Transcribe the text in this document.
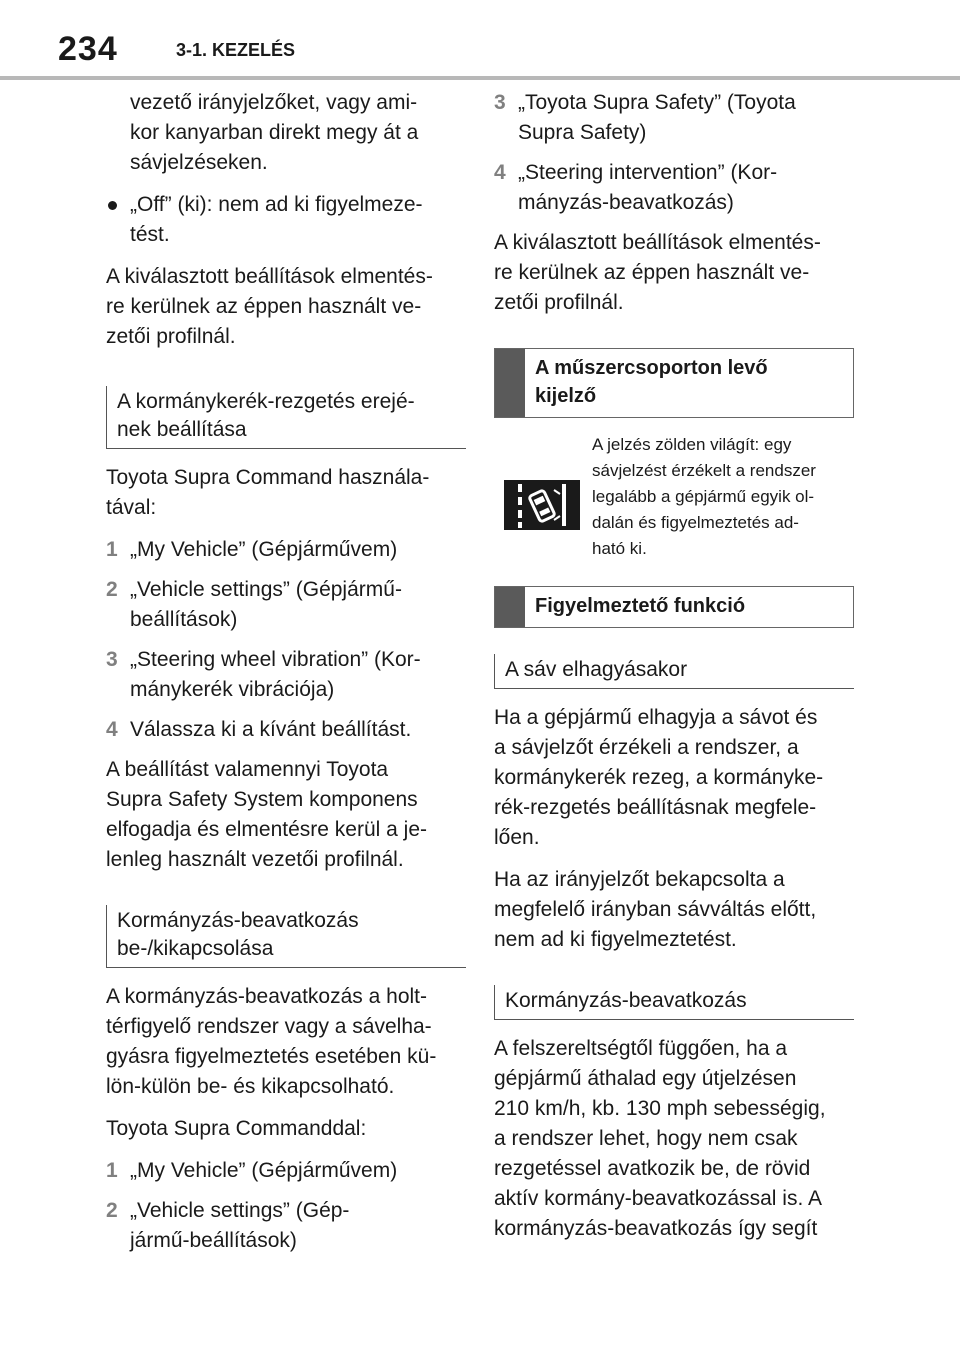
234	3-1. KEZELÉS

vezető irányjelzőket, vagy ami-

kor kanyarban direkt megy át a

sávjelzéseken.

„Off” (ki): nem ad ki figyelmeze-

tést.

A kiválasztott beállítások elmentés-

re kerülnek az éppen használt ve-

zetői profilnál.

A kormánykerék-rezgetés erejé-
nek beállítása

Toyota Supra Command használa-

tával:

1 „My Vehicle” (Gépjárművem)

2 „Vehicle settings” (Gépjármű-

beállítások)

3 „Steering wheel vibration” (Kor-

mánykerék vibrációja)

4 Válassza ki a kívánt beállítást.

A beállítást valamennyi Toyota

Supra Safety System komponens

elfogadja és elmentésre kerül a je-

lenleg használt vezetői profilnál.

Kormányzás-beavatkozás
be-/kikapcsolása

A kormányzás-beavatkozás a holt-

térfigyelő rendszer vagy a sávelha-

gyásra figyelmeztetés esetében kü-

lön-külön be- és kikapcsolható.

Toyota Supra Commanddal:

1 „My Vehicle” (Gépjárművem)

2 „Vehicle settings” (Gép-

jármű-beállítások)

3 „Toyota Supra Safety” (Toyota

Supra Safety)

4 „Steering intervention” (Kor-

mányzás-beavatkozás)

A kiválasztott beállítások elmentés-

re kerülnek az éppen használt ve-

zetői profilnál.

A műszercsoporton levő
kijelző
A jelzés zölden világít: egy
sávjelzést érzékelt a rendszer
legalább a gépjármű egyik ol-
dalán és figyelmeztetés ad-
ható ki.
Figyelmeztető funkció
A sáv elhagyásakor

Ha a gépjármű elhagyja a sávot és

a sávjelzőt érzékeli a rendszer, a

kormánykerék rezeg, a kormányke-

rék-rezgetés beállításnak megfele-

lően.

Ha az irányjelzőt bekapcsolta a

megfelelő irányban sávváltás előtt,

nem ad ki figyelmeztetést.

Kormányzás-beavatkozás

A felszereltségtől függően, ha a

gépjármű áthalad egy útjelzésen

210 km/h, kb. 130 mph sebességig,

a rendszer lehet, hogy nem csak

rezgetéssel avatkozik be, de rövid

aktív kormány-beavatkozással is. A

kormányzás-beavatkozás így segít
